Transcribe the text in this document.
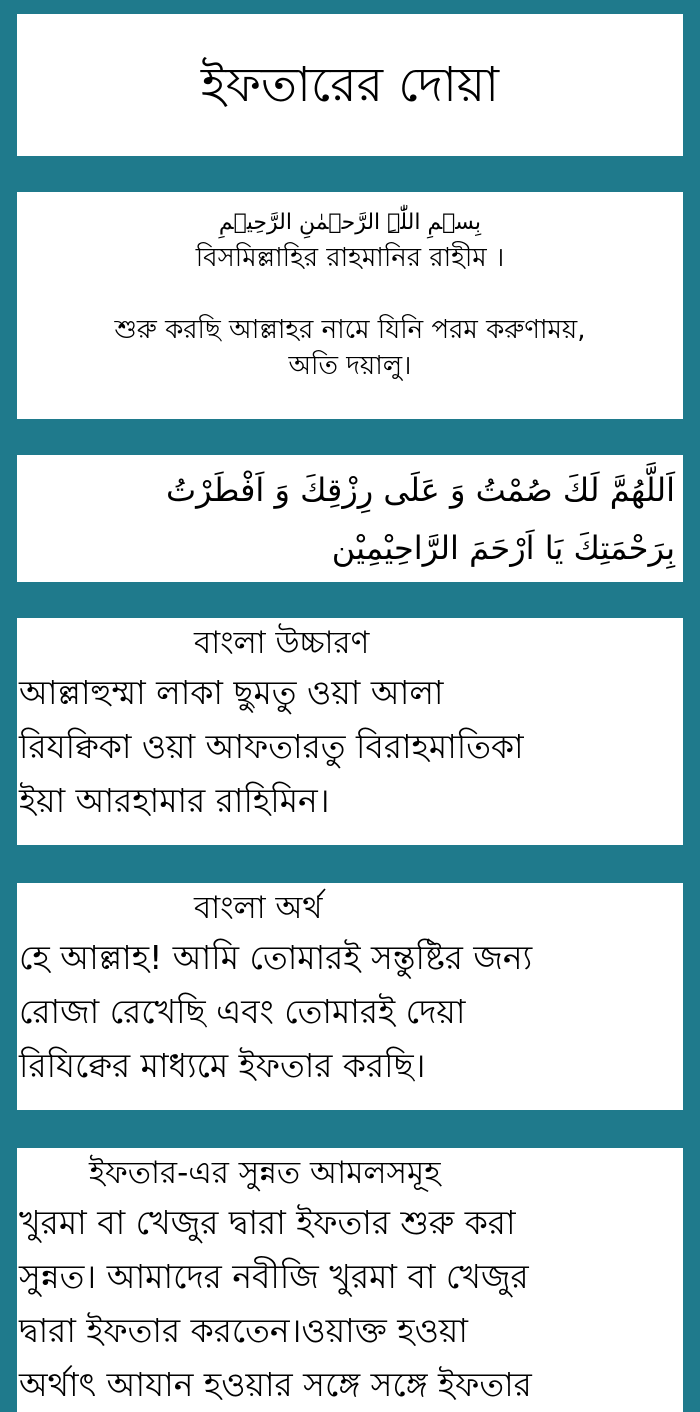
ইফতারের দোয়া
بِسۡمِ اللّٰہِ الرَّحۡمٰنِ الرَّحِیۡمِ
বিসমিল্লাহির রাহমানির রাহীম ।
শুরু করছি আল্লাহর নামে যিনি পরম করুণাময়,
অতি দয়ালু।
اَللَّهُمَّ لَكَ صُمْتُ وَ عَلَى رِزْقِكَ وَ اَفْطَرْتُ
بِرَحْمَتِكَ يَا اَرْحَمَ الرَّاحِيْمِيْن
বাংলা উচ্চারণ
আল্লাহুম্মা লাকা ছুমতু ওয়া আলা
রিযক্বিকা ওয়া আফতারতু বিরাহমাতিকা
ইয়া আরহামার রাহিমিন।
বাংলা অর্থ
হে আল্লাহ! আমি তোমারই সন্তুষ্টির জন্য
রোজা রেখেছি এবং তোমারই দেয়া
রিযিক্বের মাধ্যমে ইফতার করছি।
ইফতার-এর সুন্নত আমলসমূহ
খুরমা বা খেজুর দ্বারা ইফতার শুরু করা
সুন্নত। আমাদের নবীজি খুরমা বা খেজুর
দ্বারা ইফতার করতেন।ওয়াক্ত হওয়া
অর্থাৎ আযান হওয়ার সঙ্গে সঙ্গে ইফতার
